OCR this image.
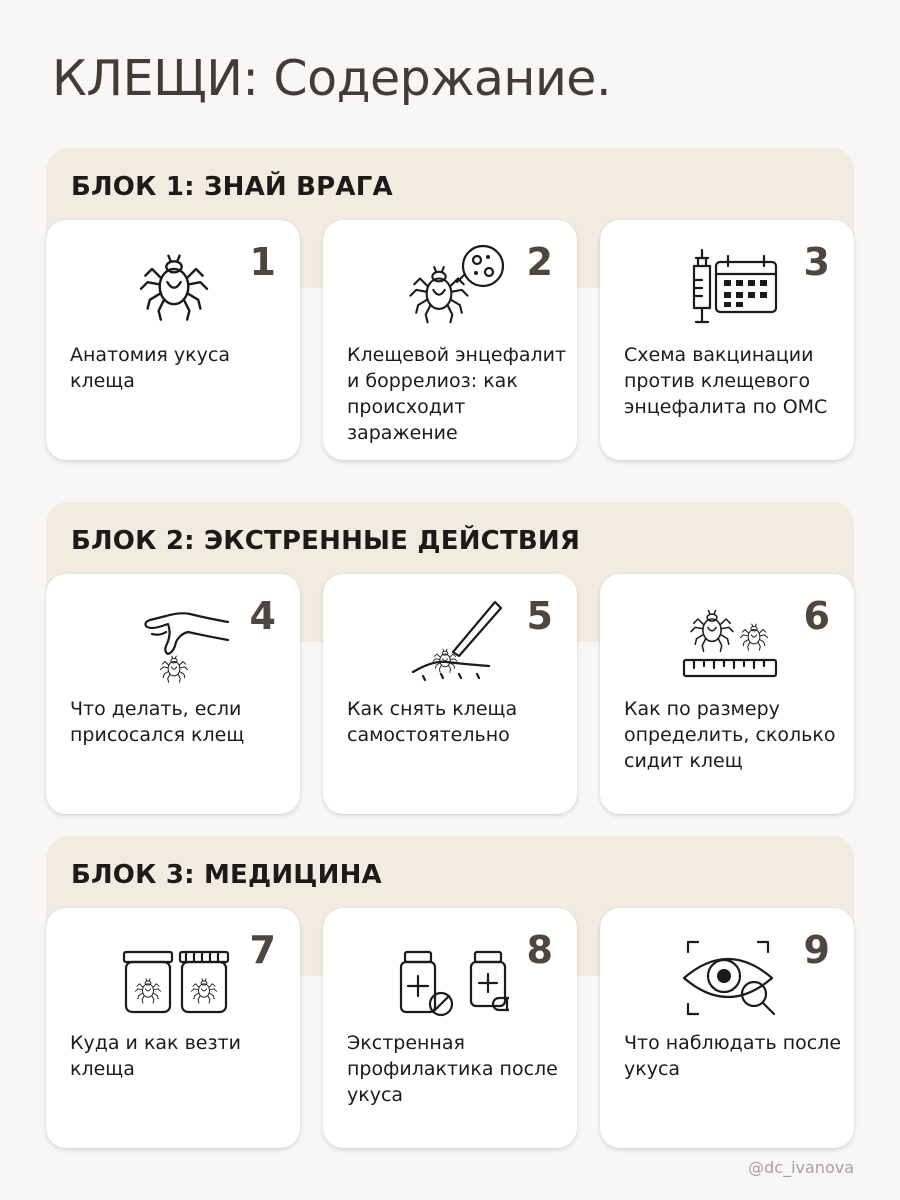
КЛЕЩИ: Содержание.
БЛОК 1: ЗНАЙ ВРАГА
1
Анатомия укуса клеща
2
Клещевой энцефалит и боррелиоз: как происходит заражение
3
Схема вакцинации против клещевого энцефалита по ОМС
БЛОК 2: ЭКСТРЕННЫЕ ДЕЙСТВИЯ
4
Что делать, если присосался клещ
5
Как снять клеща самостоятельно
6
Как по размеру определить, сколько сидит клещ
БЛОК 3: МЕДИЦИНА
7
Куда и как везти клеща
8
Экстренная профилактика после укуса
9
Что наблюдать после укуса
@dc_ivanova
